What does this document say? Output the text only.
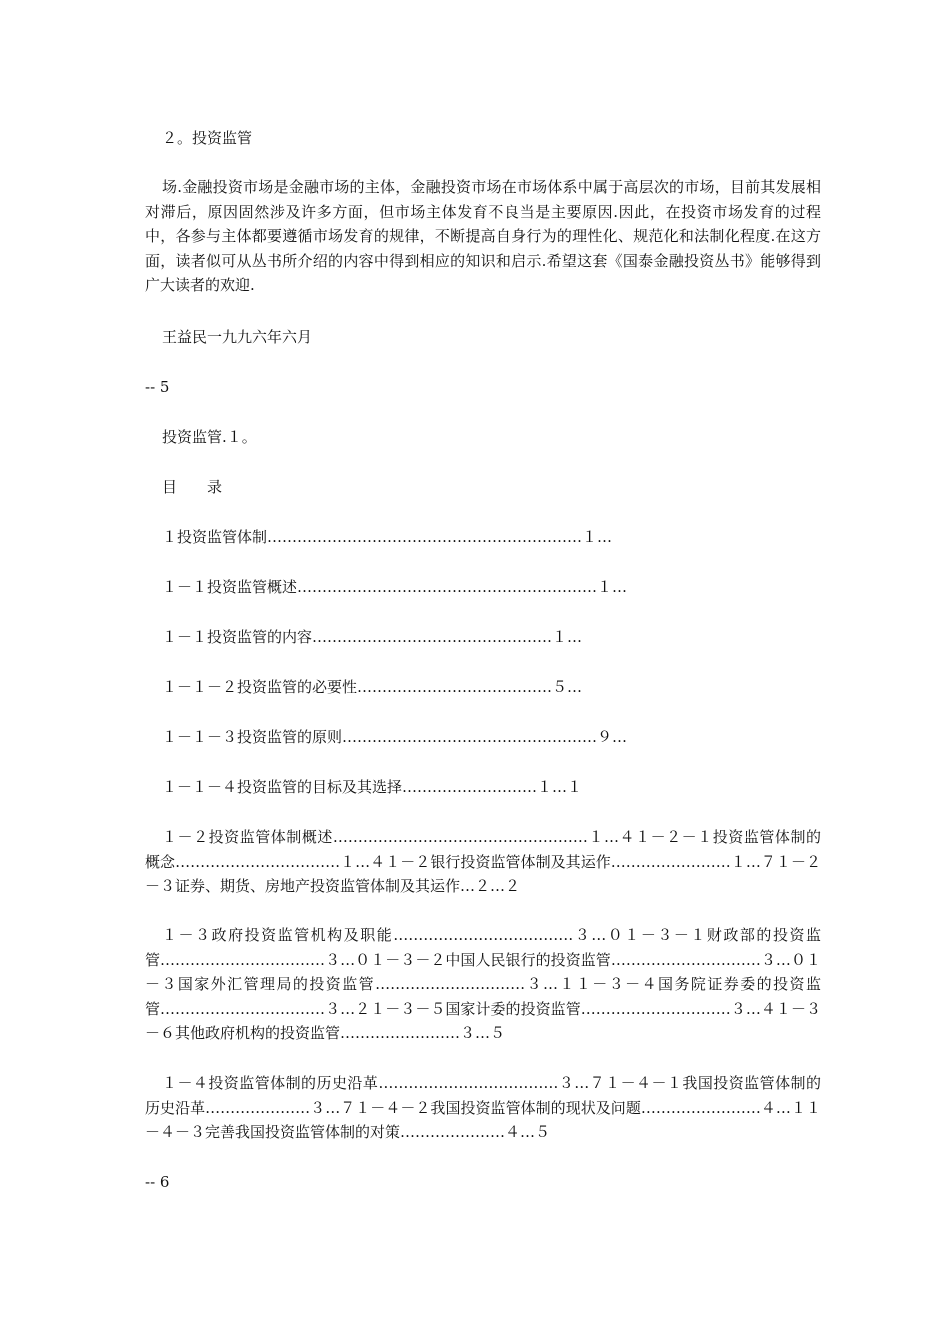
２。投资监管
场.金融投资市场是金融市场的主体，金融投资市场在市场体系中属于高层次的市场，目前其发展相对滞后，原因固然涉及许多方面，但市场主体发育不良当是主要原因.因此，在投资市场发育的过程中，各参与主体都要遵循市场发育的规律，不断提高自身行为的理性化、规范化和法制化程度.在这方面，读者似可从丛书所介绍的内容中得到相应的知识和启示.希望这套《国泰金融投资丛书》能够得到广大读者的欢迎.
王益民一九九六年六月
-- 5
投资监管.１。
目　　录
１投资监管体制………………………………………………………１…
１－１投资监管概述……………………………………………………１…
１－１投资监管的内容…………………………………………１…
１－１－２投资监管的必要性…………………………………５…
１－１－３投资监管的原则……………………………………………９…
１－１－４投资监管的目标及其选择………………………１…１
１－２投资监管体制概述……………………………………………１…４１－２－１投资监管体制的概念……………………………１…４１－２银行投资监管体制及其运作……………………１…７１－２－３证券、期货、房地产投资监管体制及其运作…２…２
１－３政府投资监管机构及职能………………………………３…０１－３－１财政部的投资监管……………………………３…０１－３－２中国人民银行的投资监管…………………………３…０１－３国家外汇管理局的投资监管…………………………３…１１－３－４国务院证券委的投资监管……………………………３…２１－３－５国家计委的投资监管…………………………３…４１－３－６其他政府机构的投资监管……………………３…５
１－４投资监管体制的历史沿革………………………………３…７１－４－１我国投资监管体制的历史沿革…………………３…７１－４－２我国投资监管体制的现状及问题……………………４…１１－４－３完善我国投资监管体制的对策…………………４…５
-- 6
